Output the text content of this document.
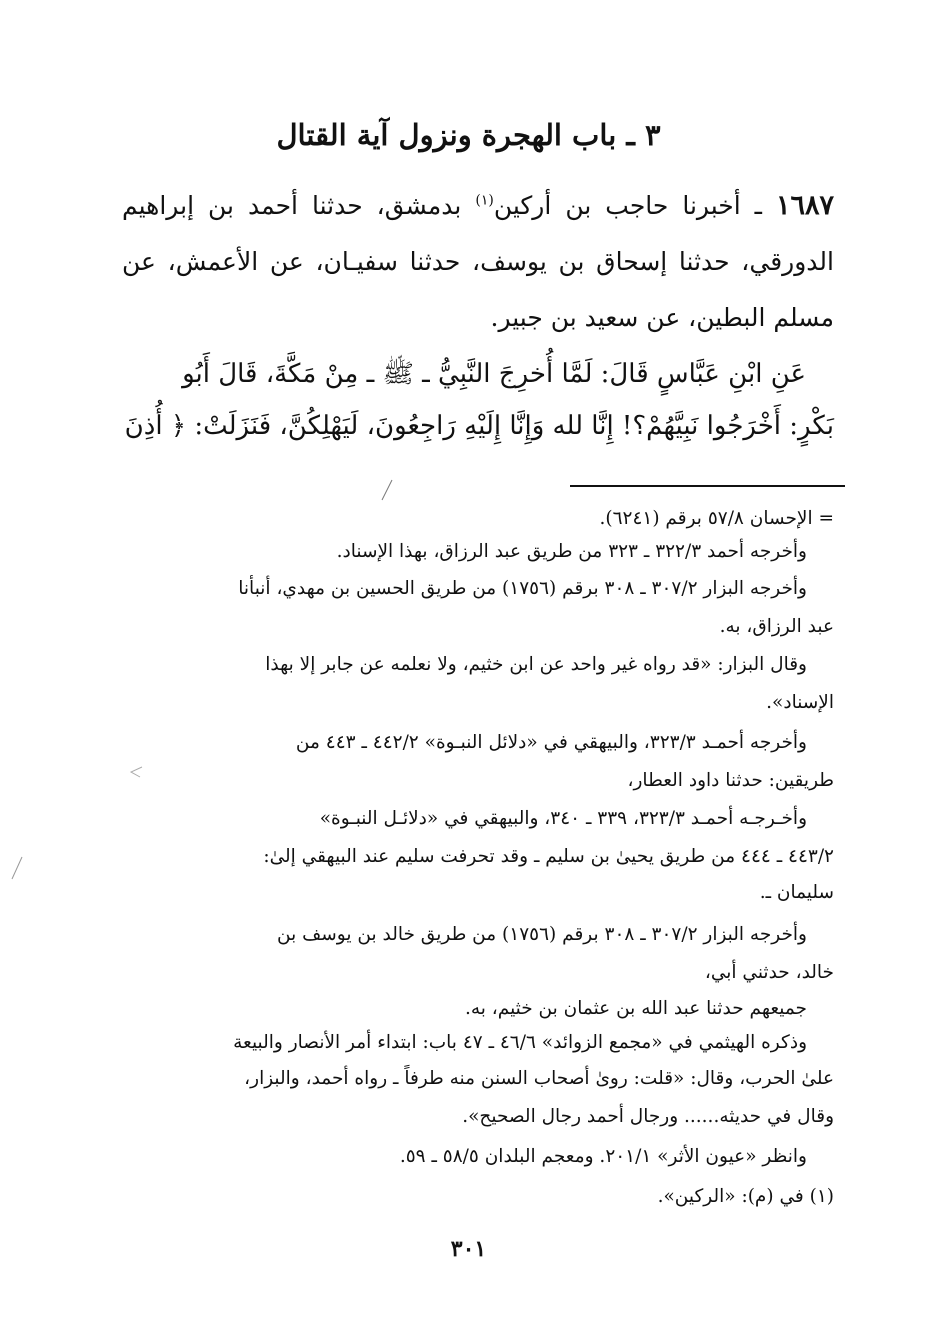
٣ ـ باب الهجرة ونزول آية القتال
١٦٨٧ ـ أخبرنا حاجب بن أركين$^{(١)}$ بدمشق، حدثنا أحمد بن إبراهيم الدورقي، حدثنا إسحاق بن يوسف، حدثنا سفيـان، عن الأعمش، عن مسلم البطين، عن سعيد بن جبير.
عَنِ ابْنِ عَبَّاسٍ قَالَ: لَمَّا أُخرِجَ النَّبِيُّ ـ ﷺ ـ مِنْ مَكَّةَ، قَالَ أَبُو
بَكْرٍ: أَخْرَجُوا نَبِيَّهُمْ؟! إِنَّا لله وَإِنَّا إِلَيْهِ رَاجِعُونَ، لَيَهْلِكُنَّ، فَنَزَلَتْ: ﴿ أُذِنَ
= الإحسان ٥٧/٨ برقم (٦٢٤١).
وأخرجه أحمد ٣٢٢/٣ ـ ٣٢٣ من طريق عبد الرزاق، بهذا الإسناد.
وأخرجه البزار ٣٠٧/٢ ـ ٣٠٨ برقم (١٧٥٦) من طريق الحسين بن مهدي، أنبأنا
عبد الرزاق، به.
وقال البزار: «قد رواه غير واحد عن ابن خثيم، ولا نعلمه عن جابر إلا بهذا
الإسناد».
وأخرجه أحمـد ٣٢٣/٣، والبيهقي في «دلائل النبـوة» ٤٤٢/٢ ـ ٤٤٣ من
طريقين: حدثنا داود العطار،
وأخـرجـه أحمـد ٣٢٣/٣، ٣٣٩ ـ ٣٤٠، والبيهقي في «دلائـل النبـوة»
٤٤٣/٢ ـ ٤٤٤ من طريق يحيىٰ بن سليم ـ وقد تحرفت سليم عند البيهقي إلىٰ:
سليمان ـ.
وأخرجه البزار ٣٠٧/٢ ـ ٣٠٨ برقم (١٧٥٦) من طريق خالد بن يوسف بن
خالد، حدثني أبي،
جميعهم حدثنا عبد الله بن عثمان بن خثيم، به.
وذكره الهيثمي في «مجمع الزوائد» ٤٦/٦ ـ ٤٧ باب: ابتداء أمر الأنصار والبيعة
علىٰ الحرب، وقال: «قلت: روىٰ أصحاب السنن منه طرفاً ـ رواه أحمد، والبزار،
وقال في حديثه...... ورجال أحمد رجال الصحيح».
وانظر «عيون الأثر» ٢٠١/١. ومعجم البلدان ٥٨/٥ ـ ٥٩.
(١) في (م): «الركين».
٣٠١
